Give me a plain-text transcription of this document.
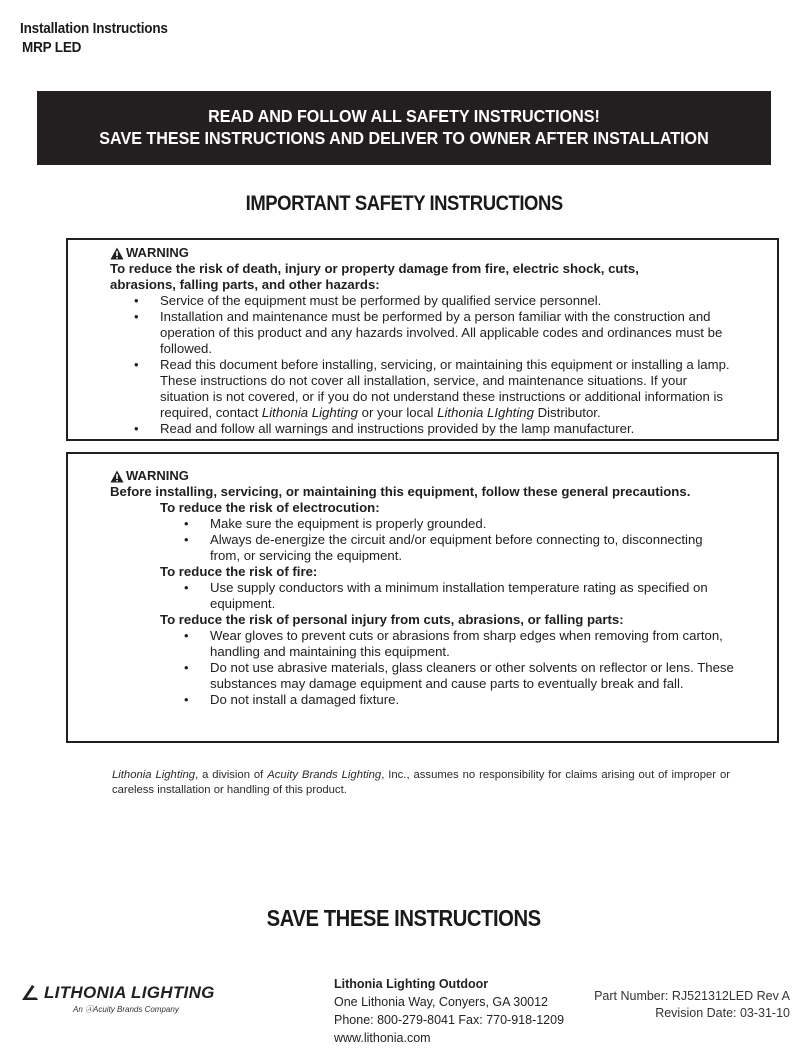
Installation Instructions
MRP LED
READ AND FOLLOW ALL SAFETY INSTRUCTIONS!
SAVE THESE INSTRUCTIONS AND DELIVER TO OWNER AFTER INSTALLATION
IMPORTANT SAFETY INSTRUCTIONS
WARNING
To reduce the risk of death, injury or property damage from fire, electric shock, cuts,
abrasions, falling parts, and other hazards:
• Service of the equipment must be performed by qualified service personnel.
• Installation and maintenance must be performed by a person familiar with the construction and operation of this product and any hazards involved. All applicable codes and ordinances must be followed.
• Read this document before installing, servicing, or maintaining this equipment or installing a lamp. These instructions do not cover all installation, service, and maintenance situations. If your situation is not covered, or if you do not understand these instructions or additional information is required, contact Lithonia Lighting or your local Lithonia LIghting Distributor.
• Read and follow all warnings and instructions provided by the lamp manufacturer.
WARNING
Before installing, servicing, or maintaining this equipment, follow these general precautions.
To reduce the risk of electrocution:
• Make sure the equipment is properly grounded.
• Always de-energize the circuit and/or equipment before connecting to, disconnecting from, or servicing the equipment.
To reduce the risk of fire:
• Use supply conductors with a minimum installation temperature rating as specified on equipment.
To reduce the risk of personal injury from cuts, abrasions, or falling parts:
• Wear gloves to prevent cuts or abrasions from sharp edges when removing from carton, handling and maintaining this equipment.
• Do not use abrasive materials, glass cleaners or other solvents on reflector or lens. These substances may damage equipment and cause parts to eventually break and fall.
• Do not install a damaged fixture.
Lithonia Lighting, a division of Acuity Brands Lighting, Inc., assumes no responsibility for claims arising out of improper or careless installation or handling of this product.
SAVE THESE INSTRUCTIONS
LITHONIA LIGHTING
An ⒶAcuity Brands Company
Lithonia Lighting Outdoor
One Lithonia Way, Conyers, GA 30012
Phone: 800-279-8041 Fax: 770-918-1209
www.lithonia.com
Part Number: RJ521312LED Rev A
Revision Date: 03-31-10
